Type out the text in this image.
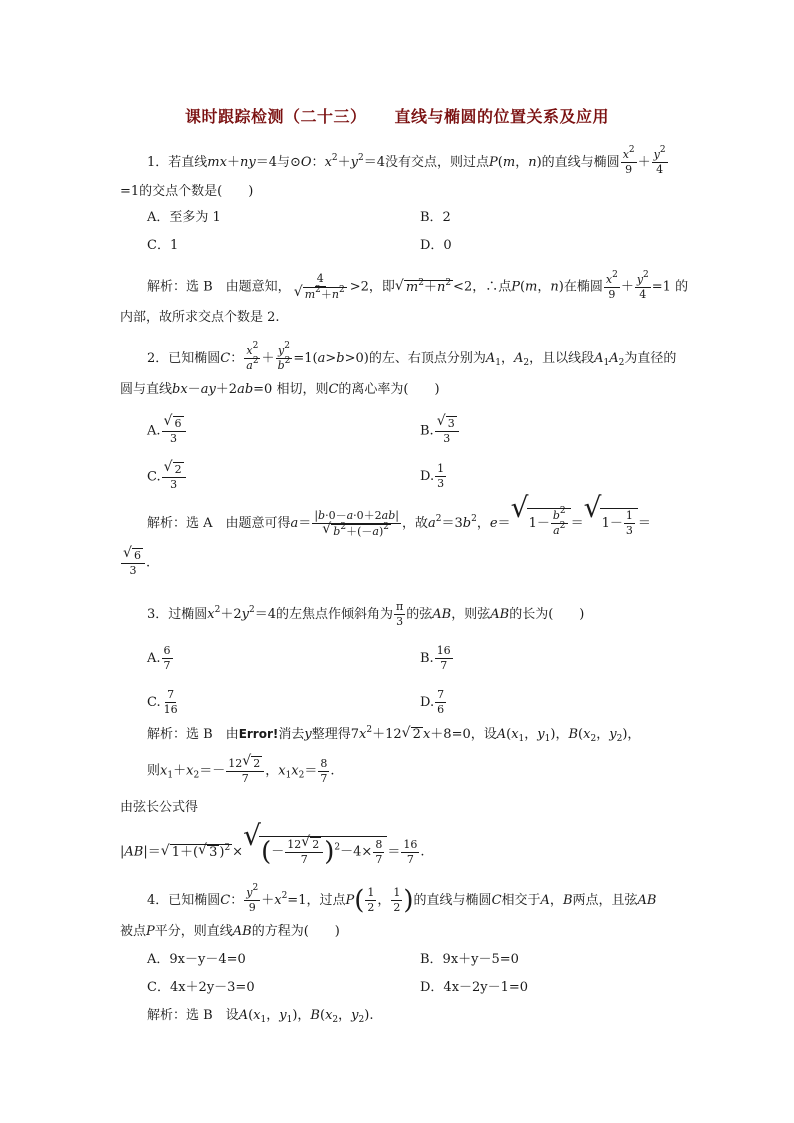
课时跟踪检测（二十三） 直线与椭圆的位置关系及应用
1．若直线mx＋ny＝4与⊙O：$x^2+y^2=4$没有交点，则过点P(m，n)的直线与椭圆 $\frac{x^2}{9} + \frac{y^2}{4}$
=1的交点个数是(　　)
A．至多为 1	B．2
C．1	D．0
解析：选 B　由题意知， 4
√ $m^2+n^2 >2$，即√ $m^2+n^2 <2$，∴点P(m，n)在椭圆 $\frac{x^2}{9} + \frac{y^2}{4} =1$ 的
内部，故所求交点个数是 2.
2．已知椭圆C： $\frac{x^2}{a^2} + \frac{y^2}{b^2} =1(a>b>0)$的左、右顶点分别为$A_1$，$A_2$，且以线段$A_1A_2$为直径的
圆与直线bx－ay＋2ab=0 相切，则C的离心率为(　　)
A.
√ $\frac{6}{3}$	B.
√ $\frac{3}{3}$
C.
√ $\frac{2}{3}$	D. $\frac{1}{3}$
解析：选 A　由题意可得a＝ |b·0－a·0＋2ab|
√ $b^2+(-a)^2$ ，故$a^2=3b^2$，e＝√ $1- \frac{b^2}{a^2}$ ＝√ $1- \frac{1}{3}$ ＝
√ $\frac{6}{3}$ .
3．过椭圆$x^2+2y^2=4$的左焦点作倾斜角为 $\frac{\pi}{3}$ 的弦AB，则弦AB的长为(　　)
A. $\frac{6}{7}$	B. $\frac{16}{7}$
C. $\frac{7}{16}$	D. $\frac{7}{6}$
解析：选 B　由Error!消去y整理得$7x^2+12√$ 2 x＋8=0，设$A(x_1$，$y_1$)，$B(x_2$，$y_2$)，
则$x_1+x_2=- \frac{12√ 2}{7}$ ，$x_1x_2= \frac{8}{7}$ .
由弦长公式得
|AB|＝√ 1＋(√ 3 )$^2$ ×√ (－ $\frac{12√ 2}{7} )^2-4\times \frac{8}{7} = \frac{16}{7}$ .
4．已知椭圆C： $\frac{y^2}{9} +x^2=1$，过点$P( \frac{1}{2}$ ， $\frac{1}{2}$ )的直线与椭圆C相交于A，B两点，且弦AB
被点P平分，则直线AB的方程为(　　)
A．9x－y－4=0	B．9x＋y－5=0
C．4x＋2y－3=0	D．4x－2y－1=0
解析：选 B　设$A(x_1$，$y_1$)，$B(x_2$，$y_2$).
